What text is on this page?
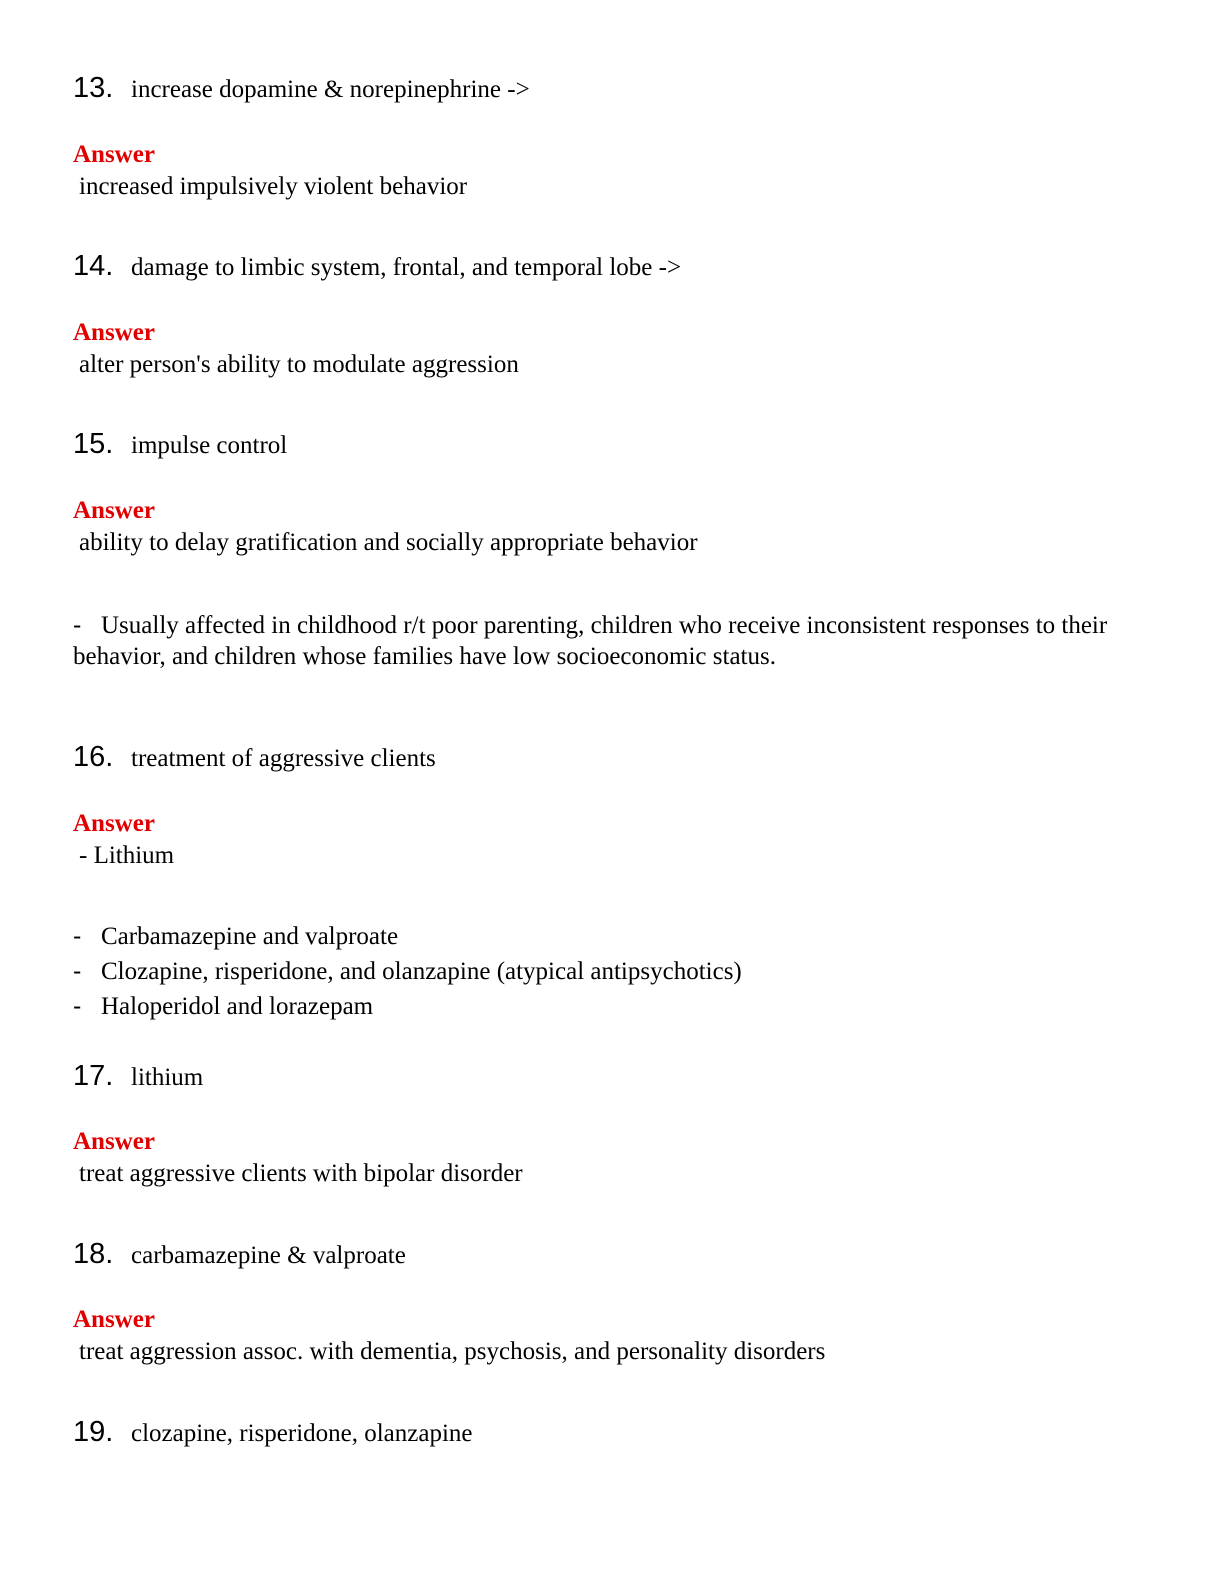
13. increase dopamine & norepinephrine ->
Answer
increased impulsively violent behavior
14. damage to limbic system, frontal, and temporal lobe ->
Answer
alter person's ability to modulate aggression
15. impulse control
Answer
ability to delay gratification and socially appropriate behavior
- Usually affected in childhood r/t poor parenting, children who receive inconsistent responses to their behavior, and children whose families have low socioeconomic status.
16. treatment of aggressive clients
Answer
- Lithium
- Carbamazepine and valproate
- Clozapine, risperidone, and olanzapine (atypical antipsychotics)
- Haloperidol and lorazepam
17. lithium
Answer
treat aggressive clients with bipolar disorder
18. carbamazepine & valproate
Answer
treat aggression assoc. with dementia, psychosis, and personality disorders
19. clozapine, risperidone, olanzapine
